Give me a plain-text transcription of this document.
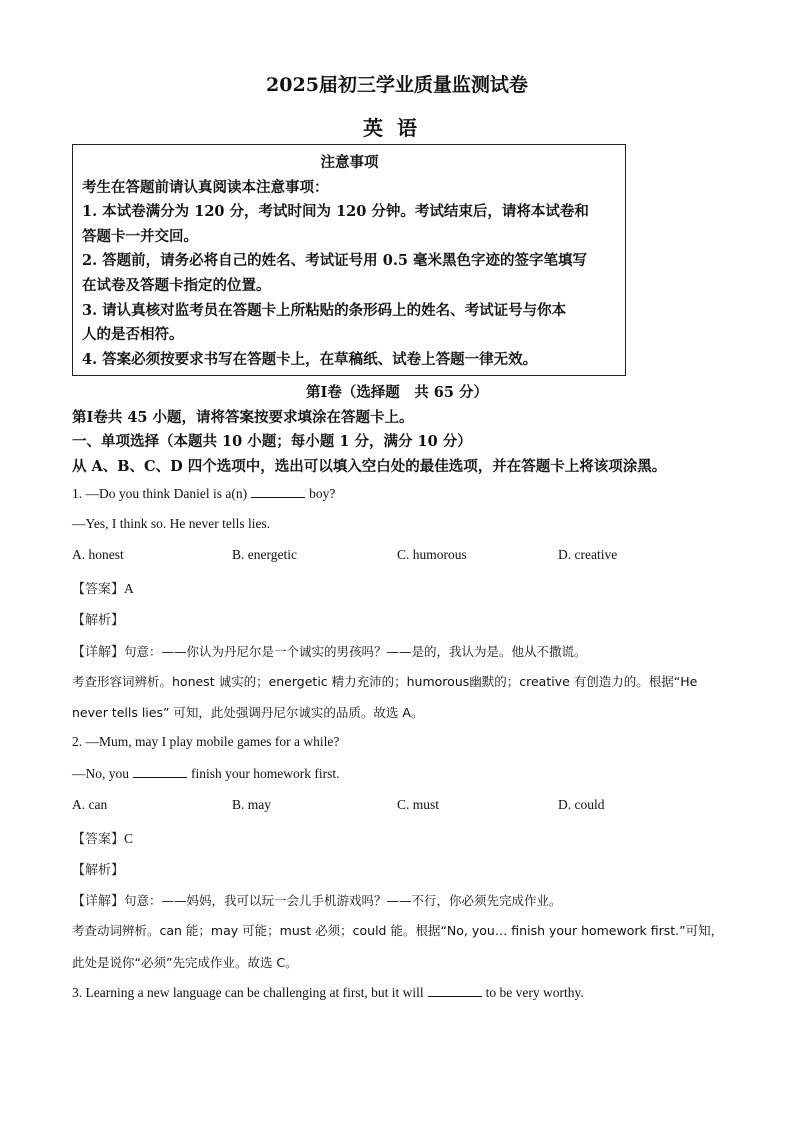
2025届初三学业质量监测试卷
英语

注意事项

考生在答题前请认真阅读本注意事项：

1. 本试卷满分为 120 分，考试时间为 120 分钟。考试结束后，请将本试卷和

答题卡一并交回。

2. 答题前，请务必将自己的姓名、考试证号用 0.5 毫米黑色字迹的签字笔填写

在试卷及答题卡指定的位置。

3. 请认真核对监考员在答题卡上所粘贴的条形码上的姓名、考试证号与你本

人的是否相符。

4. 答案必须按要求书写在答题卡上，在草稿纸、试卷上答题一律无效。

第Ⅰ卷（选择题　共 65 分）
第Ⅰ卷共 45 小题，请将答案按要求填涂在答题卡上。
一、单项选择（本题共 10 小题；每小题 1 分，满分 10 分）
从 A、B、C、D 四个选项中，选出可以填入空白处的最佳选项，并在答题卡上将该项涂黑。
1. —Do you think Daniel is a(n)	boy?
—Yes, I think so. He never tells lies.
A. honest	B. energetic	C. humorous	D. creative
【答案】A
【解析】
【详解】句意：——你认为丹尼尔是一个诚实的男孩吗？——是的，我认为是。他从不撒谎。
考查形容词辨析。honest 诚实的；energetic 精力充沛的；humorous幽默的；creative 有创造力的。根据“He
never tells lies” 可知，此处强调丹尼尔诚实的品质。故选 A。
2. —Mum, may I play mobile games for a while?
—No, you	finish your homework first.
A. can	B. may	C. must	D. could
【答案】C
【解析】
【详解】句意：——妈妈，我可以玩一会儿手机游戏吗？——不行，你必须先完成作业。
考查动词辨析。can 能；may 可能；must 必须；could 能。根据“No, you… finish your homework first.”可知，
此处是说你“必须”先完成作业。故选 C。
3. Learning a new language can be challenging at first, but it will	to be very worthy.
